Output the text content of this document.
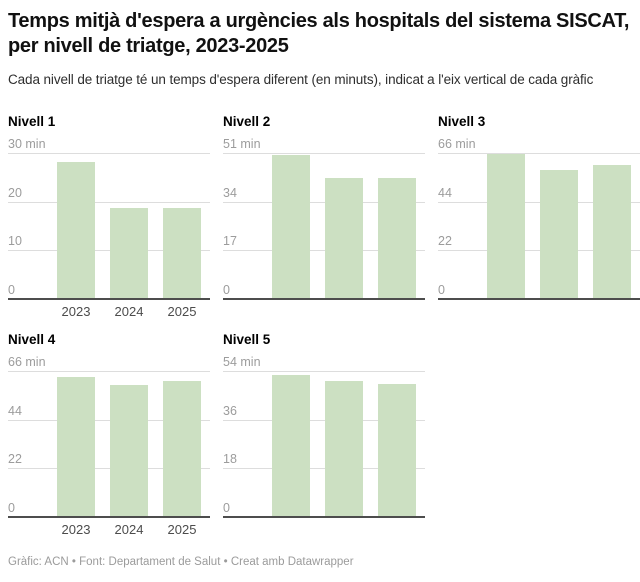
Temps mitjà d'espera a urgències als hospitals del sistema SISCAT, per nivell de triatge, 2023-2025

Cada nivell de triatge té un temps d'espera diferent (en minuts), indicat a l'eix vertical de cada gràfic

Nivell 1
0
10
20
30 min
2023	2024	2025
Nivell 2
0
17
34
51 min
Nivell 3
0
22
44
66 min
Nivell 4
0
22
44
66 min
2023	2024	2025
Nivell 5
0
18
36
54 min
Gràfic: ACN • Font: Departament de Salut • Creat amb Datawrapper
